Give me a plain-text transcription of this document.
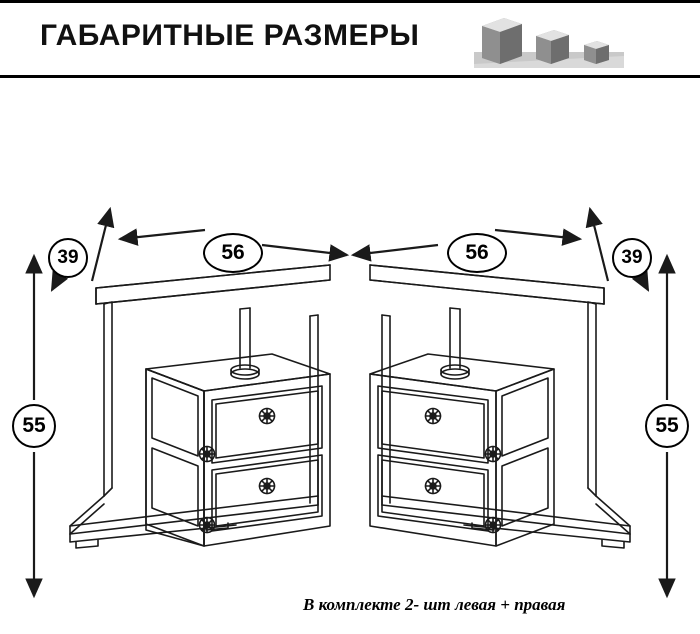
ГАБАРИТНЫЕ РАЗМЕРЫ
39	39
56	56
55	55
В комплекте 2- шт левая + правая
